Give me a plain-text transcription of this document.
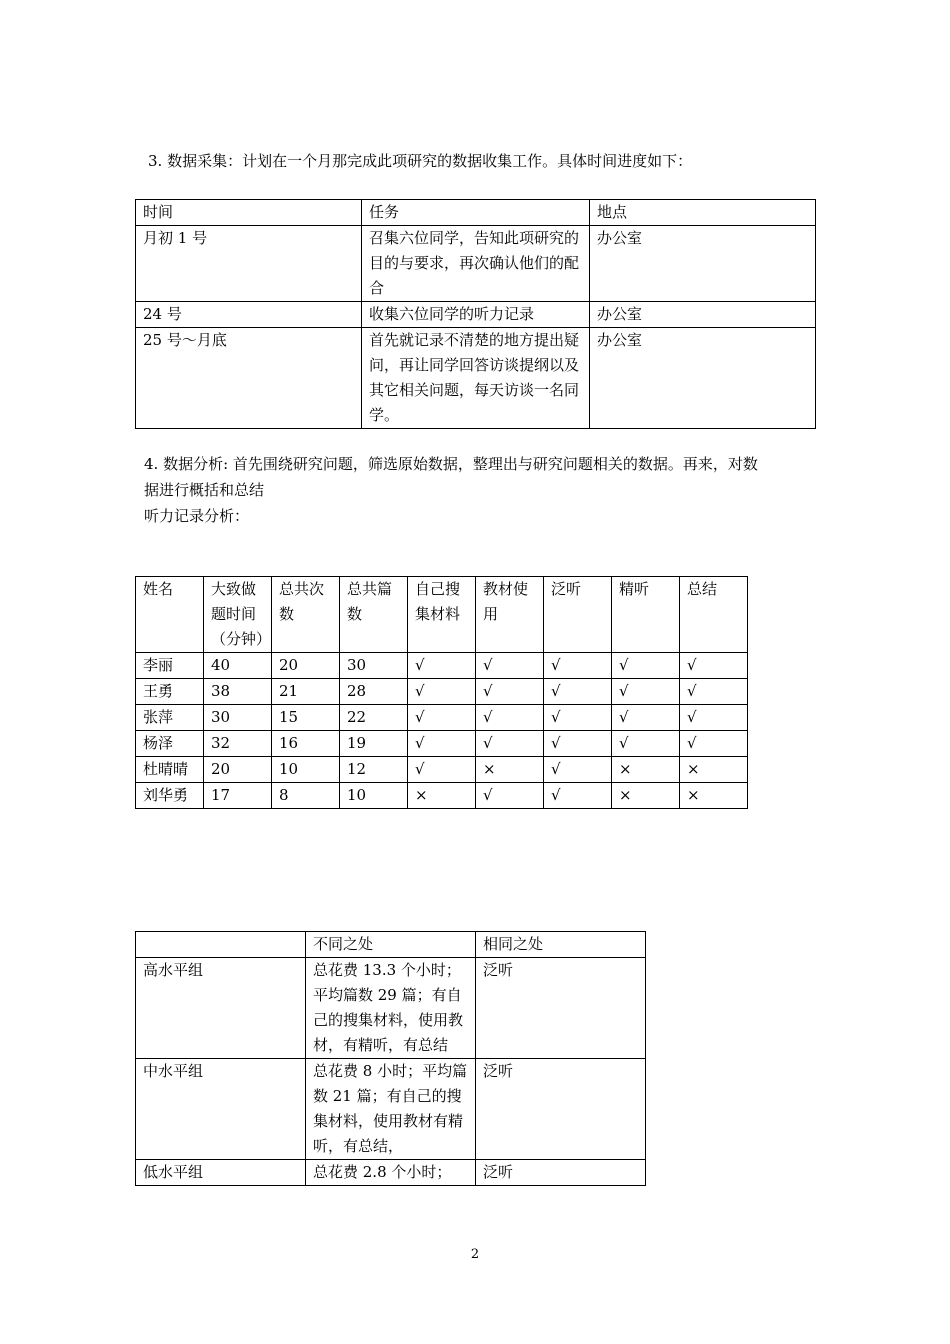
3. 数据采集：计划在一个月那完成此项研究的数据收集工作。具体时间进度如下：

时间	任务	地点
月初 1 号	召集六位同学，告知此项研究的目的与要求，再次确认他们的配合	办公室
24 号	收集六位同学的听力记录	办公室
25 号～月底	首先就记录不清楚的地方提出疑问，再让同学回答访谈提纲以及其它相关问题，每天访谈一名同学。	办公室

4. 数据分析: 首先围绕研究问题，筛选原始数据，整理出与研究问题相关的数据。再来，对数

据进行概括和总结

听力记录分析：

姓名	大致做题时间（分钟）	总共次数	总共篇数	自己搜集材料	教材使用	泛听	精听	总结
李丽	40	20	30	√	√	√	√	√
王勇	38	21	28	√	√	√	√	√
张萍	30	15	22	√	√	√	√	√
杨泽	32	16	19	√	√	√	√	√
杜晴晴	20	10	12	√	×	√	×	×
刘华勇	17	8	10	×	√	√	×	×
	不同之处	相同之处
高水平组	总花费 13.3 个小时；平均篇数 29 篇；有自己的搜集材料，使用教材，有精听，有总结	泛听
中水平组	总花费 8 小时；平均篇数 21 篇；有自己的搜集材料，使用教材有精听，有总结，	泛听
低水平组	总花费 2.8 个小时；	泛听
2
